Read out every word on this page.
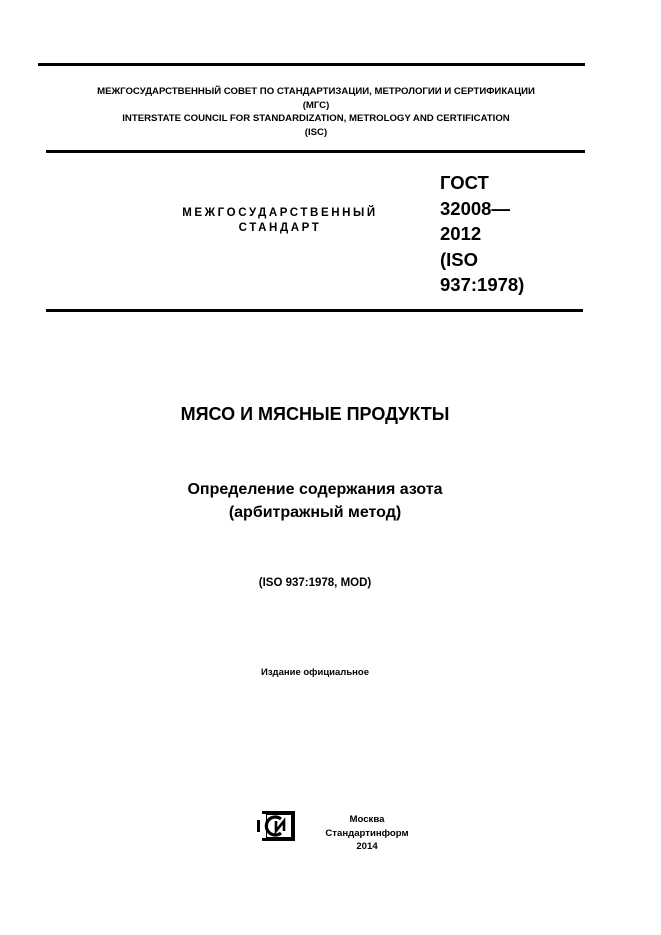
МЕЖГОСУДАРСТВЕННЫЙ СОВЕТ ПО СТАНДАРТИЗАЦИИ, МЕТРОЛОГИИ И СЕРТИФИКАЦИИ
(МГС)
INTERSTATE COUNCIL FOR STANDARDIZATION, METROLOGY AND CERTIFICATION
(ISC)
МЕЖГОСУДАРСТВЕННЫЙ
СТАНДАРТ
ГОСТ
32008—
2012
(ISO
937:1978)
МЯСО И МЯСНЫЕ ПРОДУКТЫ
Определение содержания азота
(арбитражный метод)
(ISO 937:1978, MOD)
Издание официальное
Москва
Стандартинформ
2014
